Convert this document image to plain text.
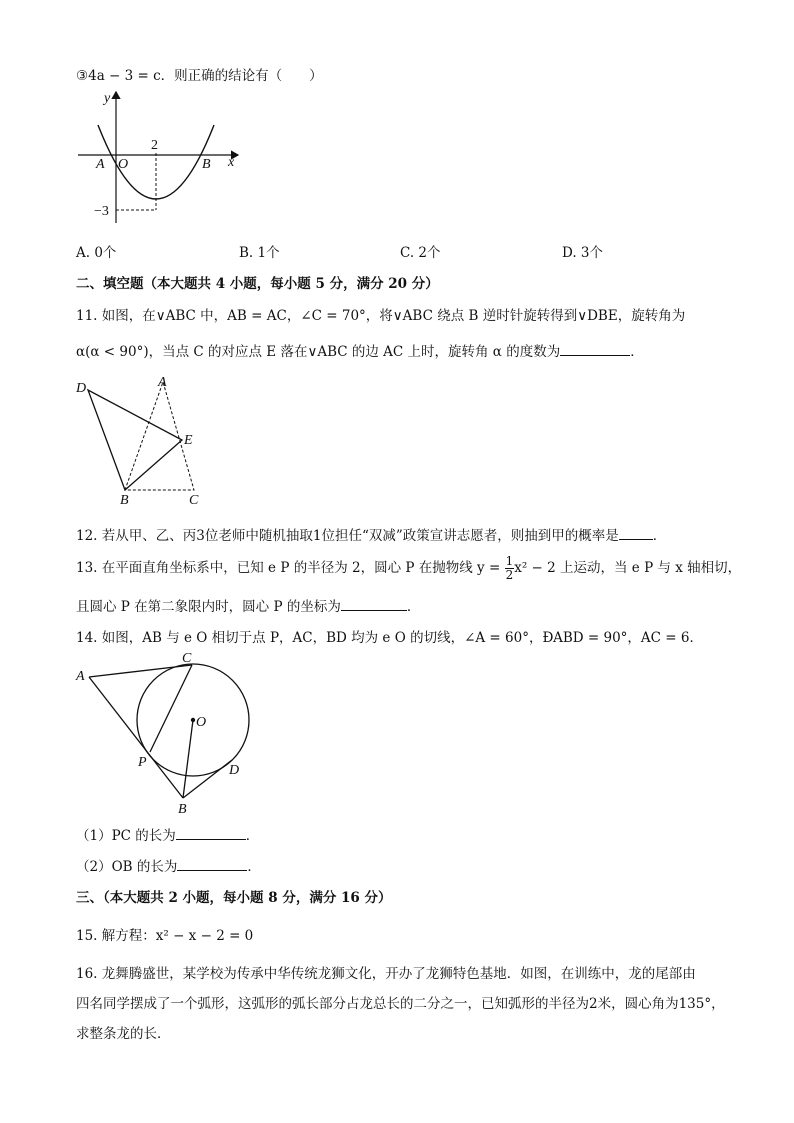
③4a − 3 = c．则正确的结论有（　　）
y
x
A O	B
2
−3
A. 0个	B. 1个	C. 2个	D. 3个
二、填空题（本大题共 4 小题，每小题 5 分，满分 20 分）
11. 如图，在∨ABC 中，AB = AC，∠C = 70°，将∨ABC 绕点 B 逆时针旋转得到∨DBE，旋转角为
α(α < 90°)，当点 C 的对应点 E 落在∨ABC 的边 AC 上时，旋转角 α 的度数为	．
D	A
E
B	C
12. 若从甲、乙、丙3位老师中随机抽取1位担任“双减”政策宣讲志愿者，则抽到甲的概率是	．
13. 在平面直角坐标系中，已知 e P 的半径为 2，圆心 P 在抛物线 $y = \frac{1}{2} x^2 - 2$ 上运动，当 e P 与 x 轴相切，
且圆心 P 在第二象限内时，圆心 P 的坐标为	．
14. 如图，AB 与 e O 相切于点 P，AC，BD 均为 e O 的切线，∠A = 60°，ÐABD = 90°，AC = 6．
A
C
O
P
D
B
（1）PC 的长为	．
（2）OB 的长为	．
三、（本大题共 2 小题，每小题 8 分，满分 16 分）
15. 解方程：x² − x − 2 = 0
16. 龙舞腾盛世，某学校为传承中华传统龙狮文化，开办了龙狮特色基地．如图，在训练中，龙的尾部由
四名同学摆成了一个弧形，这弧形的弧长部分占龙总长的二分之一，已知弧形的半径为2米，圆心角为135°，
求整条龙的长．
